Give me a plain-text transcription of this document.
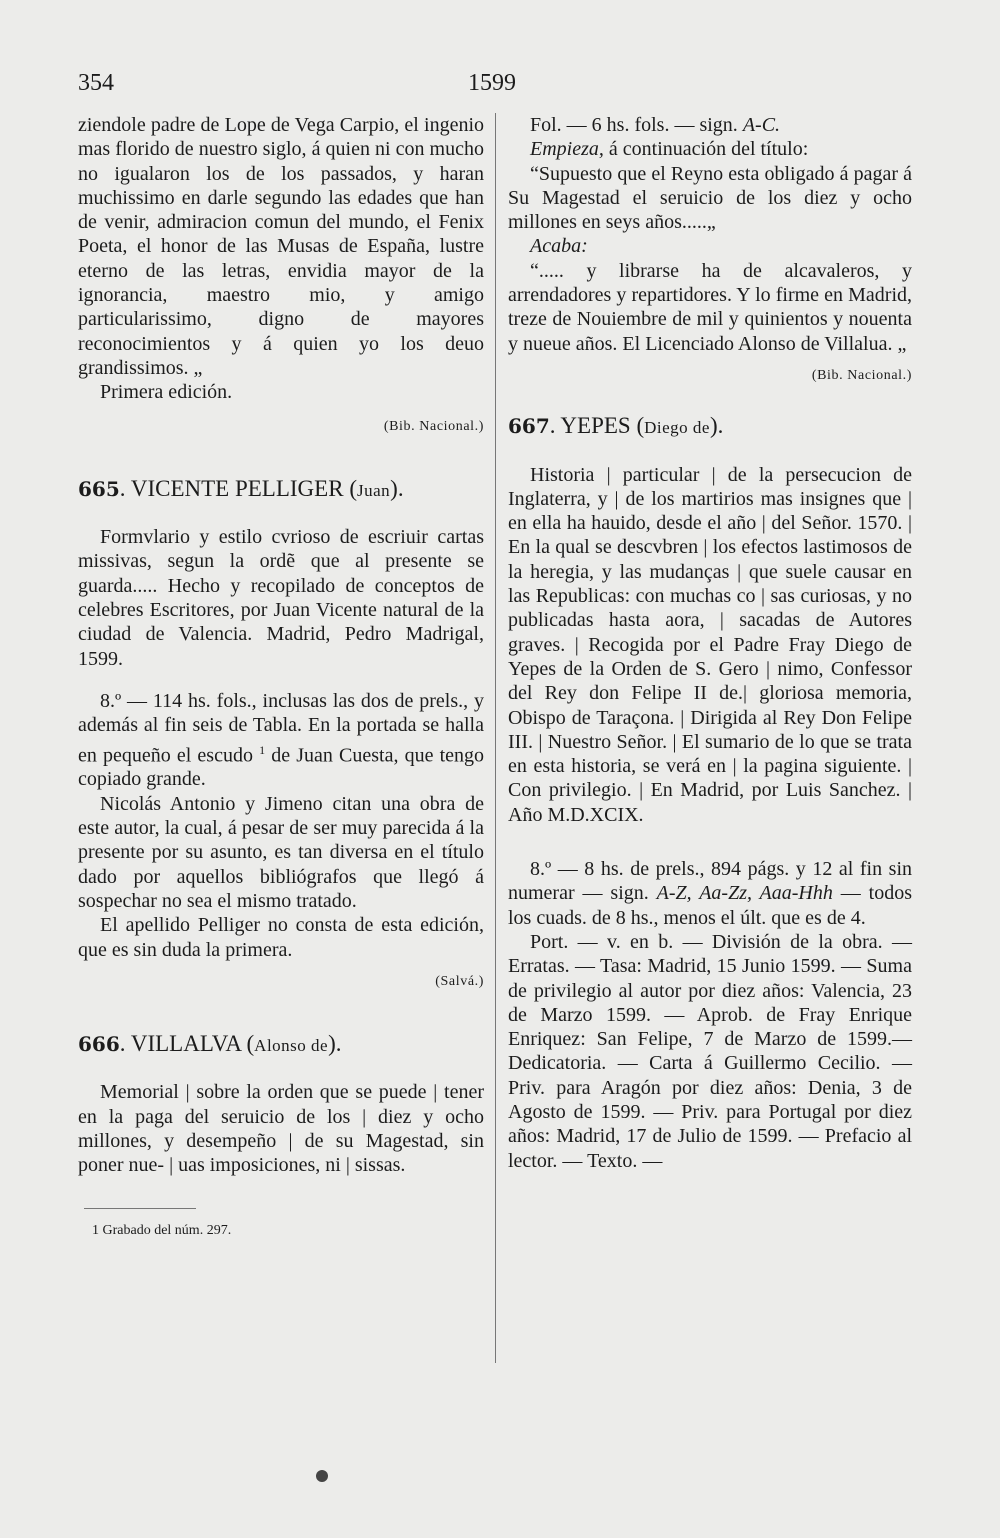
354	1599

ziendole padre de Lope de Vega Carpio, el ingenio mas florido de nuestro siglo, á quien ni con mucho no igualaron los de los passados, y haran muchissimo en darle segundo las edades que han de venir, admiracion comun del mundo, el Fenix Poeta, el honor de las Musas de España, lustre eterno de las letras, envidia mayor de la ignorancia, maestro mio, y amigo particularissimo, digno de mayores reconocimientos y á quien yo los deuo grandissimos. „

Primera edición.

(Bib. Nacional.)

665. VICENTE PELLIGER (Juan).

Formvlario y estilo cvrioso de escriuir cartas missivas, segun la ordẽ que al presente se guarda..... Hecho y recopilado de conceptos de celebres Escritores, por Juan Vicente natural de la ciudad de Valencia. Madrid, Pedro Madrigal, 1599.

8.º — 114 hs. fols., inclusas las dos de prels., y además al fin seis de Tabla. En la portada se halla en pequeño el escudo $^1$ de Juan Cuesta, que tengo copiado grande.

Nicolás Antonio y Jimeno citan una obra de este autor, la cual, á pesar de ser muy parecida á la presente por su asunto, es tan diversa en el título dado por aquellos bibliógrafos que llegó á sospechar no sea el mismo tratado.

El apellido Pelliger no consta de esta edición, que es sin duda la primera.

(Salvá.)

666. VILLALVA (Alonso de).

Memorial | sobre la orden que se puede | tener en la paga del seruicio de los | diez y ocho millones, y desempeño | de su Magestad, sin poner nue- | uas imposiciones, ni | sissas.

1 Grabado del núm. 297.

Fol. — 6 hs. fols. — sign. A-C.

Empieza, á continuación del título:

“Supuesto que el Reyno esta obligado á pagar á Su Magestad el seruicio de los diez y ocho millones en seys años.....„

Acaba:

“..... y librarse ha de alcavaleros, y arrendadores y repartidores. Y lo firme en Madrid, treze de Nouiembre de mil y quinientos y nouenta y nueue años. El Licenciado Alonso de Villalua. „

(Bib. Nacional.)

667. YEPES (Diego de).

Historia | particular | de la persecucion de Inglaterra, y | de los martirios mas insignes que | en ella ha hauido, desde el año | del Señor. 1570. | En la qual se descvbren | los efectos lastimosos de la heregia, y las mudanças | que suele causar en las Republicas: con muchas co | sas curiosas, y no publicadas hasta aora, | sacadas de Autores graves. | Recogida por el Padre Fray Diego de Yepes de la Orden de S. Gero | nimo, Confessor del Rey don Felipe II de.| gloriosa memoria, Obispo de Taraçona. | Dirigida al Rey Don Felipe III. | Nuestro Señor. | El sumario de lo que se trata en esta historia, se verá en | la pagina siguiente. | Con privilegio. | En Madrid, por Luis Sanchez. | Año M.D.XCIX.

8.º — 8 hs. de prels., 894 págs. y 12 al fin sin numerar — sign. A-Z, Aa-Zz, Aaa-Hhh — todos los cuads. de 8 hs., menos el últ. que es de 4.

Port. — v. en b. — División de la obra. — Erratas. — Tasa: Madrid, 15 Junio 1599. — Suma de privilegio al autor por diez años: Valencia, 23 de Marzo 1599. — Aprob. de Fray Enrique Enriquez: San Felipe, 7 de Marzo de 1599.—Dedicatoria. — Carta á Guillermo Cecilio. — Priv. para Aragón por diez años: Denia, 3 de Agosto de 1599. — Priv. para Portugal por diez años: Madrid, 17 de Julio de 1599. — Prefacio al lector. — Texto. —
